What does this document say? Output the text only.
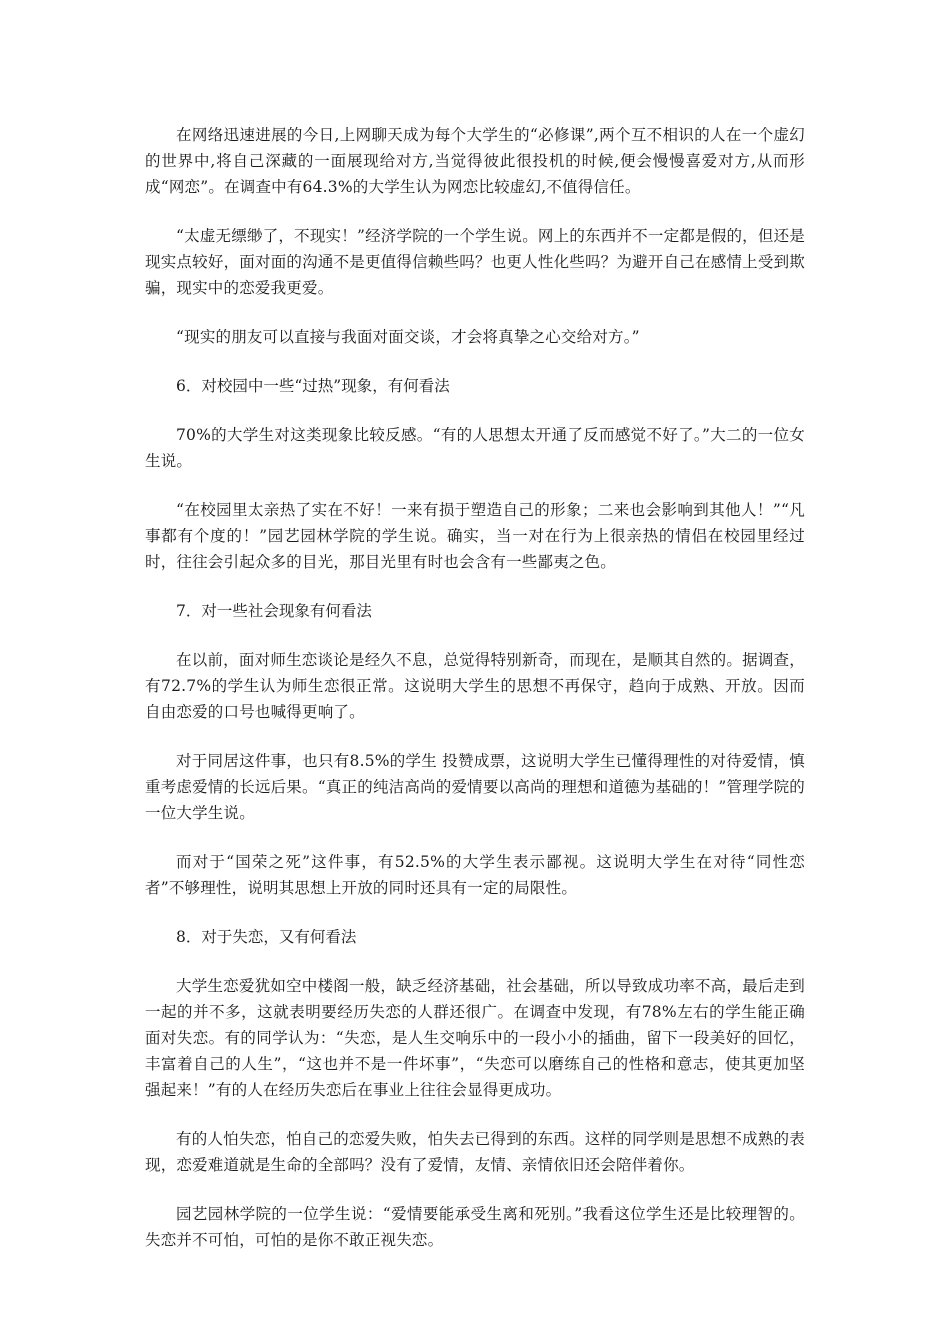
在网络迅速进展的今日,上网聊天成为每个大学生的“必修课”,两个互不相识的人在一个虚幻的世界中,将自己深藏的一面展现给对方,当觉得彼此很投机的时候,便会慢慢喜爱对方,从而形成“网恋”。在调查中有64.3%的大学生认为网恋比较虚幻,不值得信任。

“太虚无缥缈了，不现实！”经济学院的一个学生说。网上的东西并不一定都是假的，但还是现实点较好，面对面的沟通不是更值得信赖些吗？也更人性化些吗？为避开自己在感情上受到欺骗，现实中的恋爱我更爱。

“现实的朋友可以直接与我面对面交谈，才会将真挚之心交给对方。”

6．对校园中一些“过热”现象，有何看法

70%的大学生对这类现象比较反感。“有的人思想太开通了反而感觉不好了。”大二的一位女生说。

“在校园里太亲热了实在不好！一来有损于塑造自己的形象；二来也会影响到其他人！”“凡事都有个度的！”园艺园林学院的学生说。确实，当一对在行为上很亲热的情侣在校园里经过时，往往会引起众多的目光，那目光里有时也会含有一些鄙夷之色。

7．对一些社会现象有何看法

在以前，面对师生恋谈论是经久不息，总觉得特别新奇，而现在，是顺其自然的。据调查，有72.7%的学生认为师生恋很正常。这说明大学生的思想不再保守，趋向于成熟、开放。因而自由恋爱的口号也喊得更响了。

对于同居这件事，也只有8.5%的学生 投赞成票，这说明大学生已懂得理性的对待爱情，慎重考虑爱情的长远后果。“真正的纯洁高尚的爱情要以高尚的理想和道德为基础的！”管理学院的一位大学生说。

而对于“国荣之死”这件事，有52.5%的大学生表示鄙视。这说明大学生在对待“同性恋者”不够理性，说明其思想上开放的同时还具有一定的局限性。

8．对于失恋，又有何看法

大学生恋爱犹如空中楼阁一般，缺乏经济基础，社会基础，所以导致成功率不高，最后走到一起的并不多，这就表明要经历失恋的人群还很广。在调查中发现，有78%左右的学生能正确面对失恋。有的同学认为：“失恋，是人生交响乐中的一段小小的插曲，留下一段美好的回忆，丰富着自己的人生”，“这也并不是一件坏事”，“失恋可以磨练自己的性格和意志，使其更加坚强起来！”有的人在经历失恋后在事业上往往会显得更成功。

有的人怕失恋，怕自己的恋爱失败，怕失去已得到的东西。这样的同学则是思想不成熟的表现，恋爱难道就是生命的全部吗？没有了爱情，友情、亲情依旧还会陪伴着你。

园艺园林学院的一位学生说：“爱情要能承受生离和死别。”我看这位学生还是比较理智的。失恋并不可怕，可怕的是你不敢正视失恋。
